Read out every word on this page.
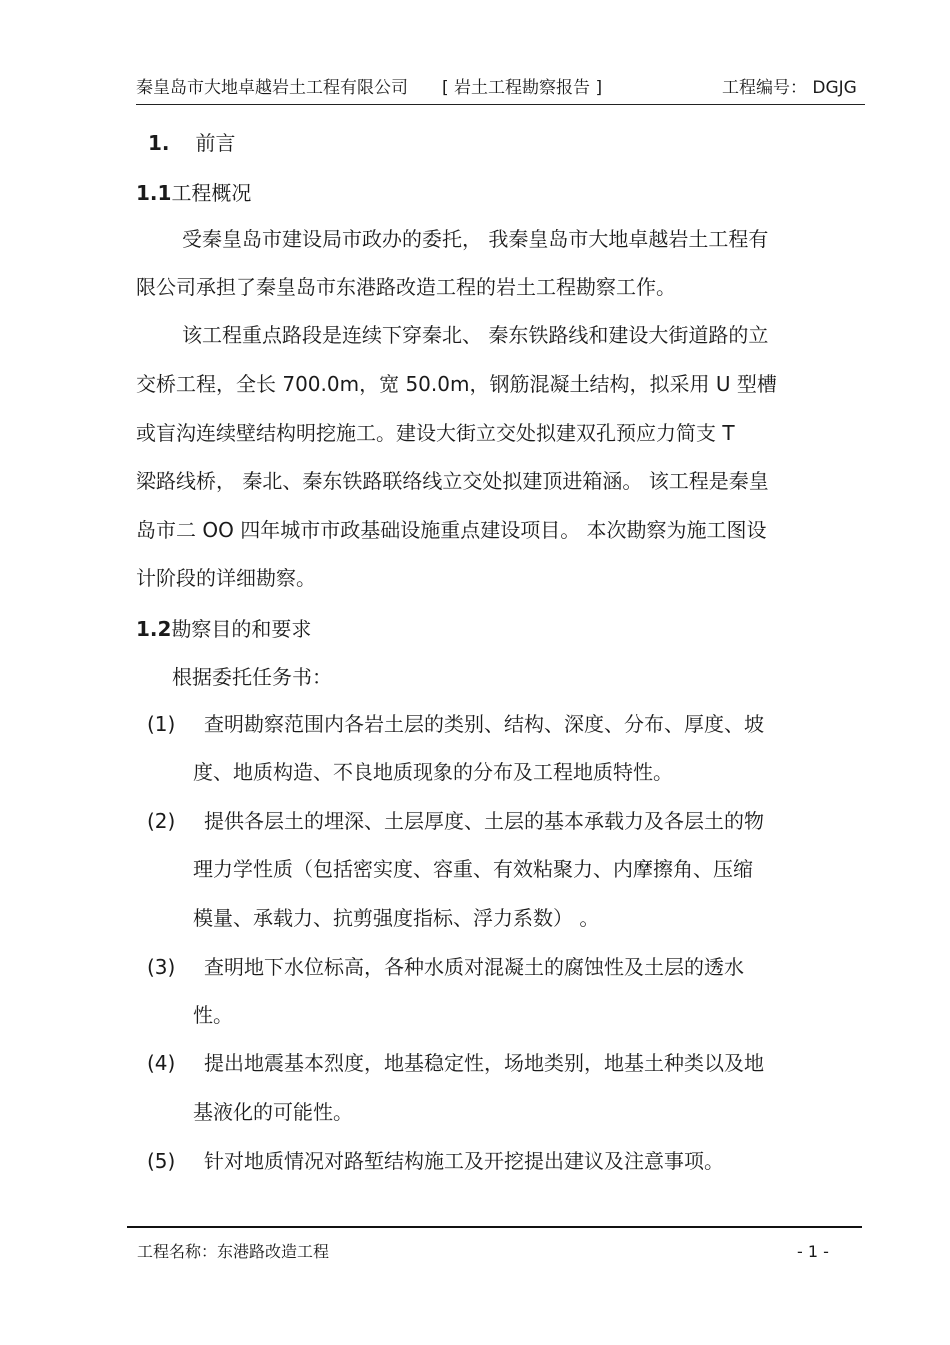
秦皇岛市大地卓越岩土工程有限公司 [ 岩土工程勘察报告 ]	工程编号： DGJG
1. 前言
1.1工程概况
受秦皇岛市建设局市政办的委托， 我秦皇岛市大地卓越岩土工程有
限公司承担了秦皇岛市东港路改造工程的岩土工程勘察工作。
该工程重点路段是连续下穿秦北、 秦东铁路线和建设大街道路的立
交桥工程，全长 700.0m，宽 50.0m，钢筋混凝土结构，拟采用 U 型槽
或盲沟连续壁结构明挖施工。建设大街立交处拟建双孔预应力简支 T
梁路线桥， 秦北、秦东铁路联络线立交处拟建顶进箱涵。 该工程是秦皇
岛市二 OO 四年城市市政基础设施重点建设项目。 本次勘察为施工图设
计阶段的详细勘察。
1.2勘察目的和要求
根据委托任务书：
(1) 查明勘察范围内各岩土层的类别、结构、深度、分布、厚度、坡
度、地质构造、不良地质现象的分布及工程地质特性。
(2) 提供各层土的埋深、土层厚度、土层的基本承载力及各层土的物
理力学性质（包括密实度、容重、有效粘聚力、内摩擦角、压缩
模量、承载力、抗剪强度指标、浮力系数） 。
(3) 查明地下水位标高，各种水质对混凝土的腐蚀性及土层的透水
性。
(4) 提出地震基本烈度，地基稳定性，场地类别，地基土种类以及地
基液化的可能性。
(5) 针对地质情况对路堑结构施工及开挖提出建议及注意事项。
工程名称：东港路改造工程	- 1 -
